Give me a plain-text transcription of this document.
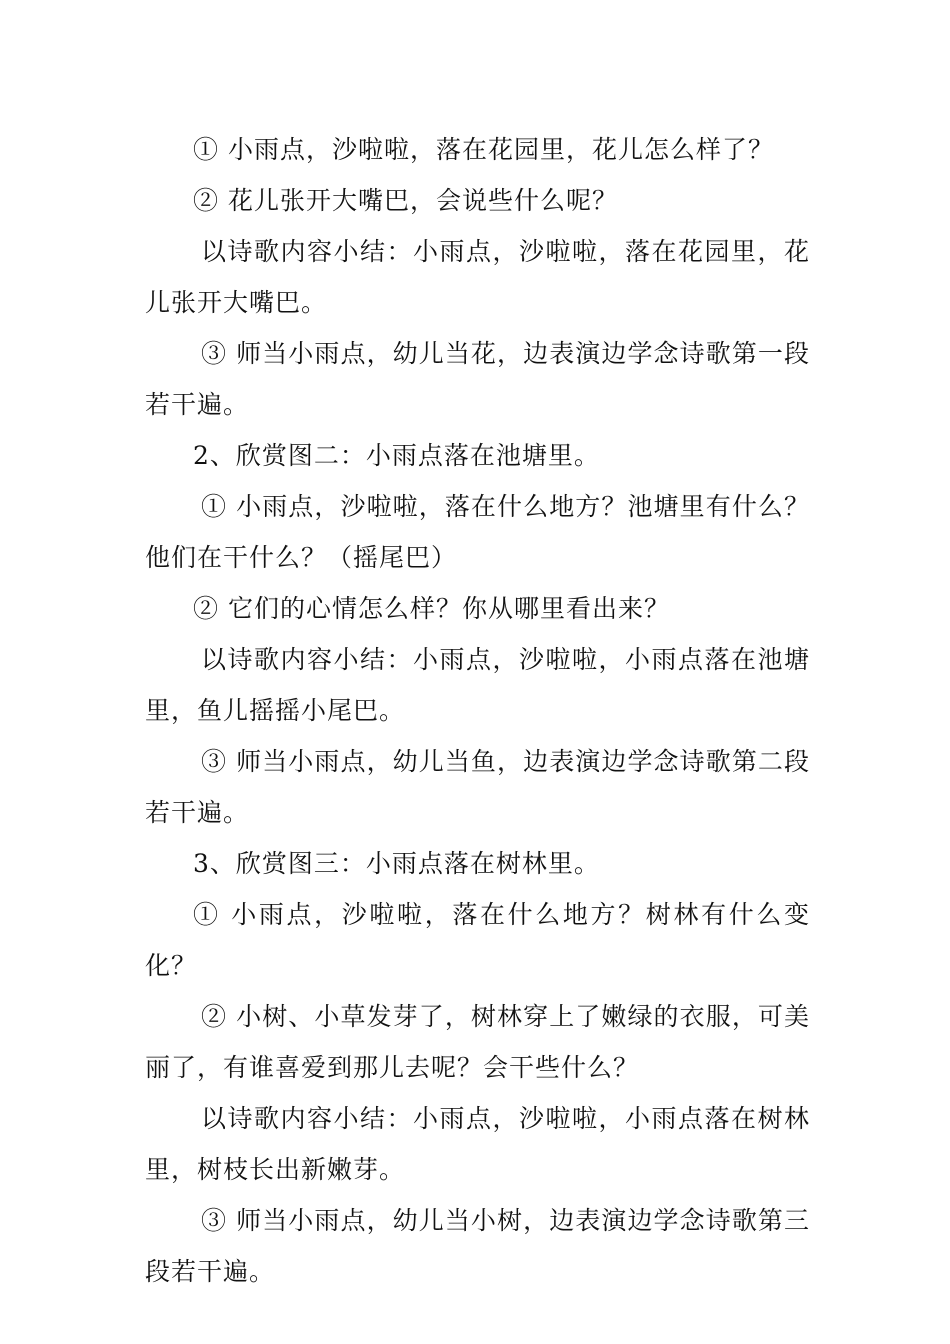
① 小雨点，沙啦啦，落在花园里，花儿怎么样了？

② 花儿张开大嘴巴，会说些什么呢？

以诗歌内容小结：小雨点，沙啦啦，落在花园里，花儿张开大嘴巴。

③ 师当小雨点，幼儿当花，边表演边学念诗歌第一段若干遍。

2、欣赏图二：小雨点落在池塘里。

① 小雨点，沙啦啦，落在什么地方？池塘里有什么？他们在干什么？（摇尾巴）

② 它们的心情怎么样？你从哪里看出来？

以诗歌内容小结：小雨点，沙啦啦，小雨点落在池塘里，鱼儿摇摇小尾巴。

③ 师当小雨点，幼儿当鱼，边表演边学念诗歌第二段若干遍。

3、欣赏图三：小雨点落在树林里。

① 小雨点，沙啦啦，落在什么地方？树林有什么变化？

② 小树、小草发芽了，树林穿上了嫩绿的衣服，可美丽了，有谁喜爱到那儿去呢？会干些什么？

以诗歌内容小结：小雨点，沙啦啦，小雨点落在树林里，树枝长出新嫩芽。

③ 师当小雨点，幼儿当小树，边表演边学念诗歌第三段若干遍。
